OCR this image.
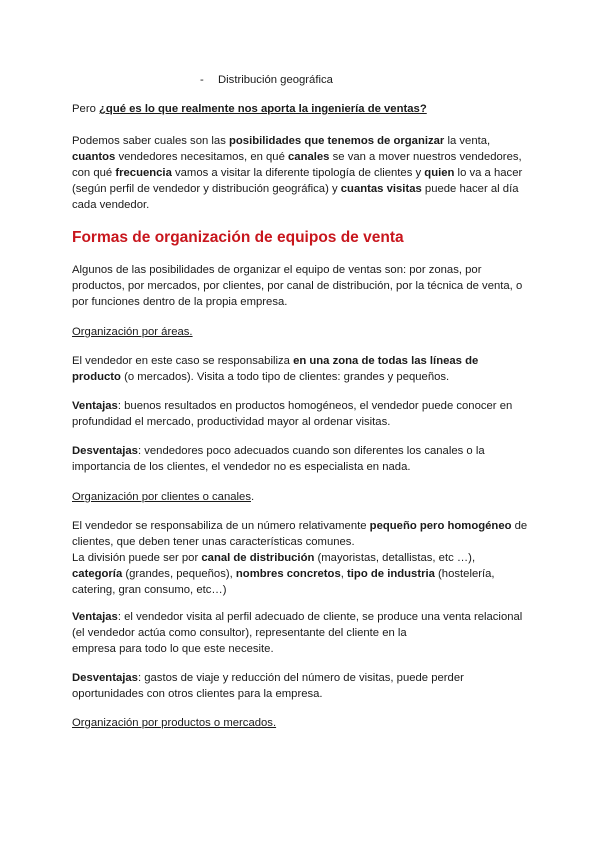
- Distribución geográfica

Pero ¿qué es lo que realmente nos aporta la ingeniería de ventas?

Podemos saber cuales son las posibilidades que tenemos de organizar la venta, cuantos vendedores necesitamos, en qué canales se van a mover nuestros vendedores, con qué frecuencia vamos a visitar la diferente tipología de clientes y quien lo va a hacer (según perfil de vendedor y distribución geográfica) y cuantas visitas puede hacer al día cada vendedor.

Formas de organización de equipos de venta

Algunos de las posibilidades de organizar el equipo de ventas son: por zonas, por productos, por mercados, por clientes, por canal de distribución, por la técnica de venta, o por funciones dentro de la propia empresa.

Organización por áreas.

El vendedor en este caso se responsabiliza en una zona de todas las líneas de producto (o mercados). Visita a todo tipo de clientes: grandes y pequeños.

Ventajas: buenos resultados en productos homogéneos, el vendedor puede conocer en profundidad el mercado, productividad mayor al ordenar visitas.

Desventajas: vendedores poco adecuados cuando son diferentes los canales o la importancia de los clientes, el vendedor no es especialista en nada.

Organización por clientes o canales.

El vendedor se responsabiliza de un número relativamente pequeño pero homogéneo de clientes, que deben tener unas características comunes.
La división puede ser por canal de distribución (mayoristas, detallistas, etc …), categoría (grandes, pequeños), nombres concretos, tipo de industria (hostelería, catering, gran consumo, etc…)

Ventajas: el vendedor visita al perfil adecuado de cliente, se produce una venta relacional (el vendedor actúa como consultor), representante del cliente en la
empresa para todo lo que este necesite.

Desventajas: gastos de viaje y reducción del número de visitas, puede perder oportunidades con otros clientes para la empresa.

Organización por productos o mercados.
